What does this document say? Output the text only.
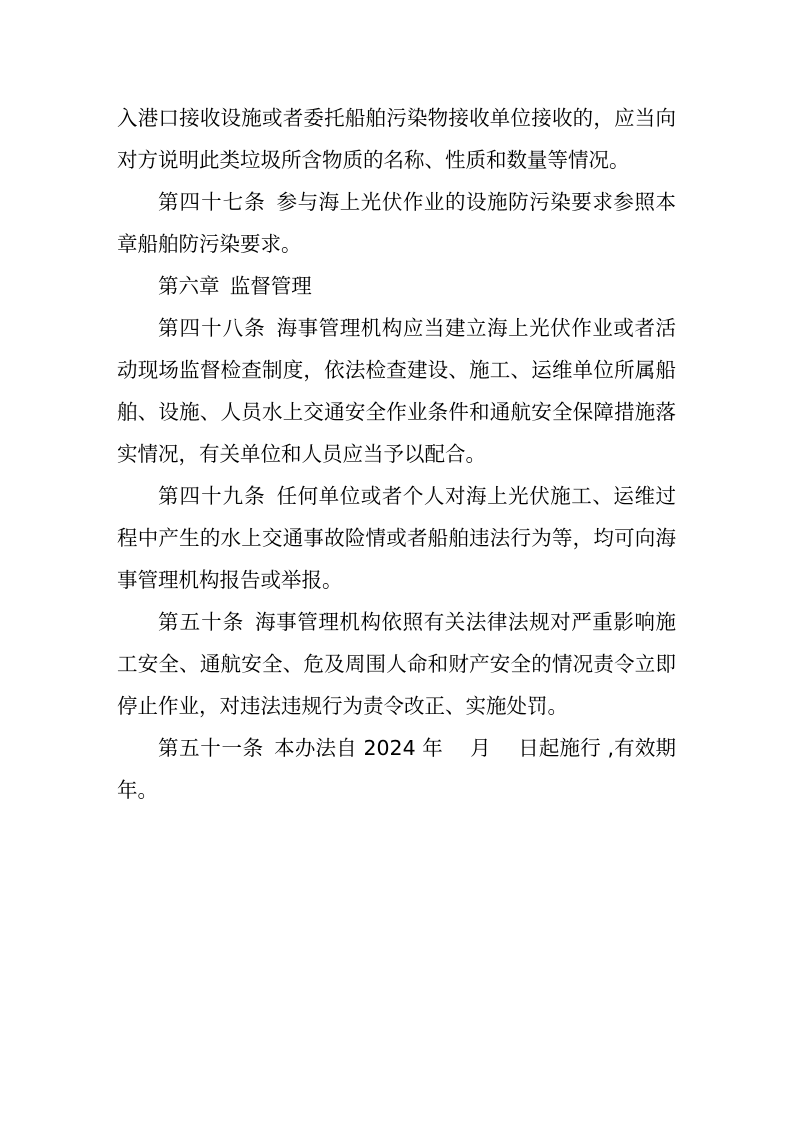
入港口接收设施或者委托船舶污染物接收单位接收的，应当向对方说明此类垃圾所含物质的名称、性质和数量等情况。

第四十七条  参与海上光伏作业的设施防污染要求参照本章船舶防污染要求。

第六章  监督管理

第四十八条  海事管理机构应当建立海上光伏作业或者活动现场监督检查制度，依法检查建设、施工、运维单位所属船舶、设施、人员水上交通安全作业条件和通航安全保障措施落实情况，有关单位和人员应当予以配合。

第四十九条  任何单位或者个人对海上光伏施工、运维过程中产生的水上交通事故险情或者船舶违法行为等，均可向海事管理机构报告或举报。

第五十条  海事管理机构依照有关法律法规对严重影响施工安全、通航安全、危及周围人命和财产安全的情况责令立即停止作业，对违法违规行为责令改正、实施处罚。

第五十一条  本办法自 2024 年　 月　 日起施行 ,有效期　年。
